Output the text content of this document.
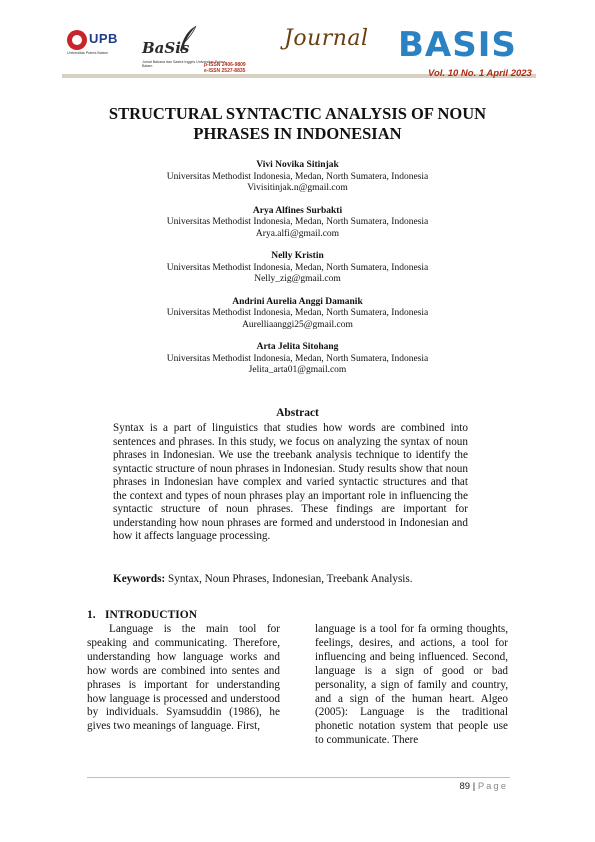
UPB
Universitas Putera Batam	BaSis
Jurnal Bahasa dan Sastra Inggris Universitas Putera Batam	p-ISSN 2406-9809
e-ISSN 2527-8835
Journal BASIS
Vol. 10 No. 1 April 2023
STRUCTURAL SYNTACTIC ANALYSIS OF NOUN
PHRASES IN INDONESIAN
Vivi Novika Sitinjak
Universitas Methodist Indonesia, Medan, North Sumatera, Indonesia
Vivisitinjak.n@gmail.com
Arya Alfines Surbakti
Universitas Methodist Indonesia, Medan, North Sumatera, Indonesia
Arya.alfi@gmail.com
Nelly Kristin
Universitas Methodist Indonesia, Medan, North Sumatera, Indonesia
Nelly_zig@gmail.com
Andrini Aurelia Anggi Damanik
Universitas Methodist Indonesia, Medan, North Sumatera, Indonesia
Aurelliaanggi25@gmail.com
Arta Jelita Sitohang
Universitas Methodist Indonesia, Medan, North Sumatera, Indonesia
Jelita_arta01@gmail.com
Abstract
Syntax is a part of linguistics that studies how words are combined into sentences and phrases. In this study, we focus on analyzing the syntax of noun phrases in Indonesian. We use the treebank analysis technique to identify the syntactic structure of noun phrases in Indonesian. Study results show that noun phrases in Indonesian have complex and varied syntactic structures and that the context and types of noun phrases play an important role in influencing the syntactic structure of noun phrases. These findings are important for understanding how noun phrases are formed and understood in Indonesian and how it affects language processing.
Keywords: Syntax, Noun Phrases, Indonesian, Treebank Analysis.
1. INTRODUCTION
Language is the main tool for speaking and communicating. Therefore, understanding how language works and how words are combined into sentes and phrases is important for understanding how language is processed and understood by individuals. Syamsuddin (1986), he gives two meanings of language. First,
language is a tool for fa orming thoughts, feelings, desires, and actions, a tool for influencing and being influenced. Second, language is a sign of good or bad personality, a sign of family and country, and a sign of the human heart. Algeo (2005): Language is the traditional phonetic notation system that people use to communicate. There
89 | Page
